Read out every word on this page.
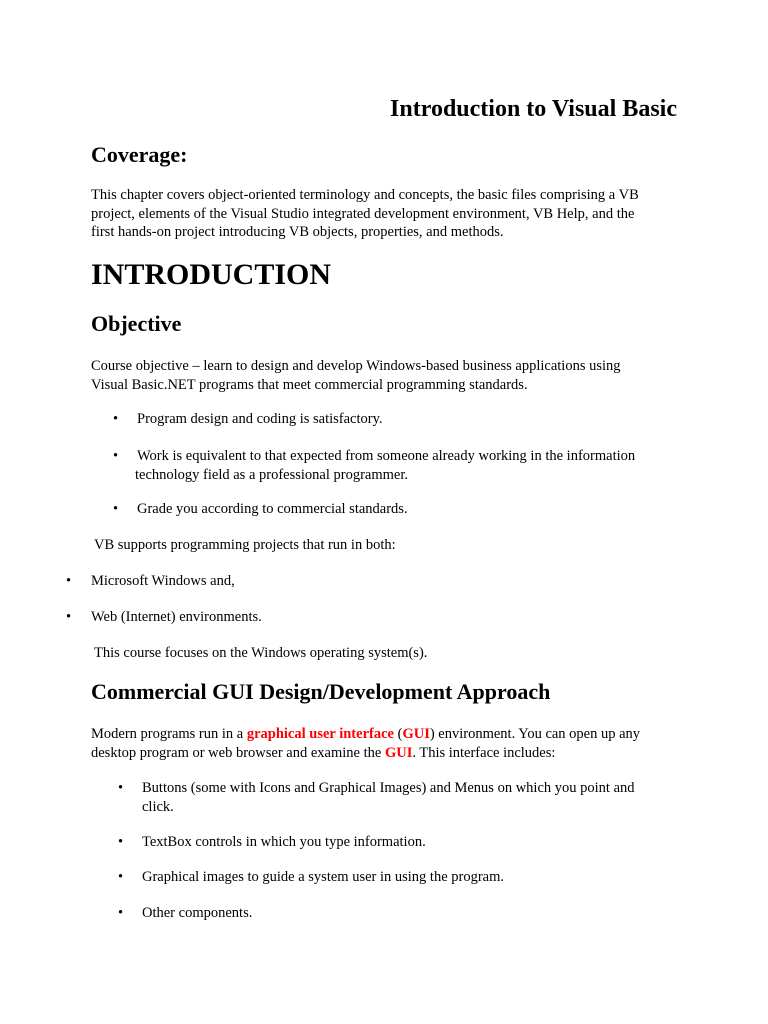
Introduction to Visual Basic
Coverage:
This chapter covers object-oriented terminology and concepts, the basic files comprising a VB
project, elements of the Visual Studio integrated development environment, VB Help, and the
first hands-on project introducing VB objects, properties, and methods.
INTRODUCTION
Objective
Course objective – learn to design and develop Windows-based business applications using
Visual Basic.NET programs that meet commercial programming standards.
• Program design and coding is satisfactory.
• Work is equivalent to that expected from someone already working in the information
technology field as a professional programmer.
• Grade you according to commercial standards.
VB supports programming projects that run in both:
• Microsoft Windows and,
• Web (Internet) environments.
This course focuses on the Windows operating system(s).
Commercial GUI Design/Development Approach
Modern programs run in a graphical user interface (GUI) environment. You can open up any
desktop program or web browser and examine the GUI. This interface includes:
• Buttons (some with Icons and Graphical Images) and Menus on which you point and
click.
• TextBox controls in which you type information.
• Graphical images to guide a system user in using the program.
• Other components.
